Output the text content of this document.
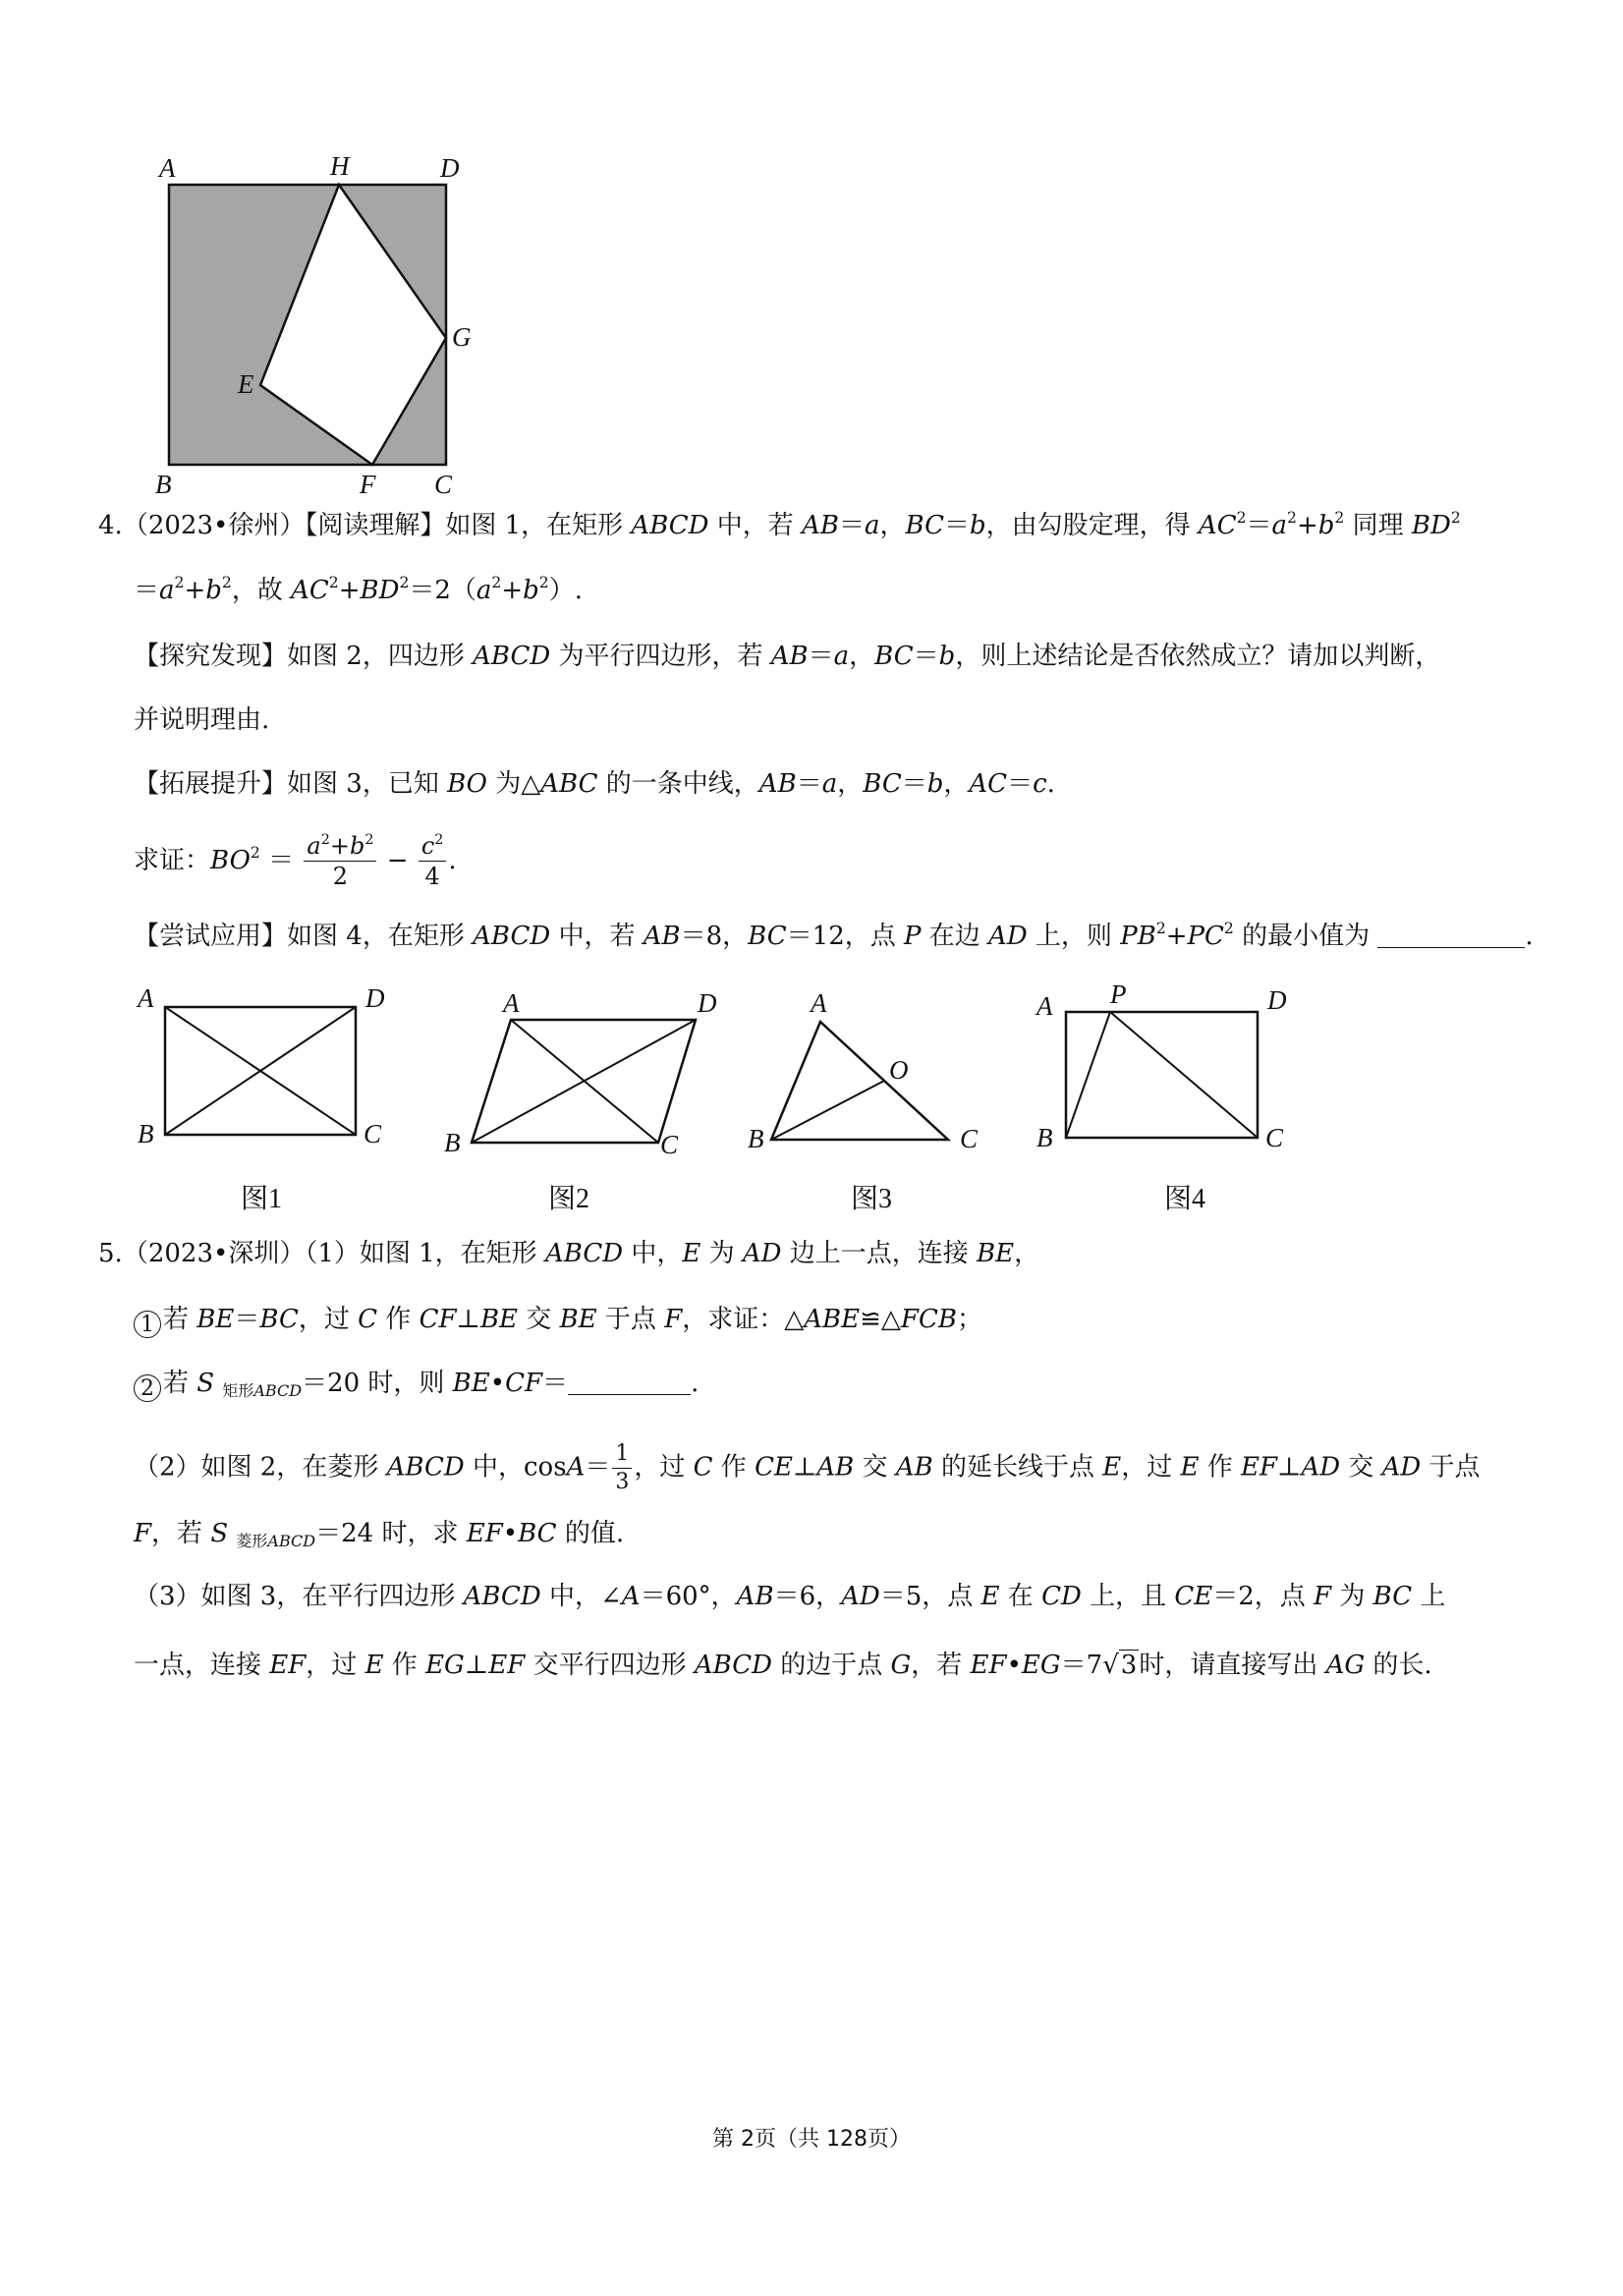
A	H	D
G
E
B	F C
4.（2023•徐州）【阅读理解】如图 1，在矩形 ABCD 中，若 AB＝a，BC＝b，由勾股定理，得 $AC^2=a^2+b^2$ 同理 $BD^2$
$=a^2+b^2$，故 $AC^2+BD^2=2(a^2+b^2)$.
【探究发现】如图 2，四边形 ABCD 为平行四边形，若 AB＝a，BC＝b，则上述结论是否依然成立？请加以判断，
并说明理由.
【拓展提升】如图 3，已知 BO 为△ABC 的一条中线，AB＝a，BC＝b，AC＝c.
求证：$BO^2 = \frac{a^2+b^2}{2} - \frac{c^2}{4}$ .
【尝试应用】如图 4，在矩形 ABCD 中，若 AB＝8，BC＝12，点 P 在边 AD 上，则 $PB^2+PC^2$ 的最小值为	.
A	D
B	C
图1
A	D
B	C
图2
A
O
B	C
图3
A P	D
B	C
图4
5.（2023•深圳）（1）如图 1，在矩形 ABCD 中，E 为 AD 边上一点，连接 BE，
1 若 BE＝BC，过 C 作 CF⊥BE 交 BE 于点 F，求证：△ABE≌△FCB；
2 若 S $_{矩形ABCD}$＝20 时，则 BE•CF＝	.
（2）如图 2，在菱形 ABCD 中，$\cos A= \frac{1}{3}$ ，过 C 作 CE⊥AB 交 AB 的延长线于点 E，过 E 作 EF⊥AD 交 AD 于点
F，若 S $_{菱形ABCD}$＝24 时，求 EF•BC 的值.
（3）如图 3，在平行四边形 ABCD 中，∠A＝60°，AB＝6，AD＝5，点 E 在 CD 上，且 CE＝2，点 F 为 BC 上
一点，连接 EF，过 E 作 EG⊥EF 交平行四边形 ABCD 的边于点 G，若 EF•EG＝7√3时，请直接写出 AG 的长.
第 2页（共 128页）
